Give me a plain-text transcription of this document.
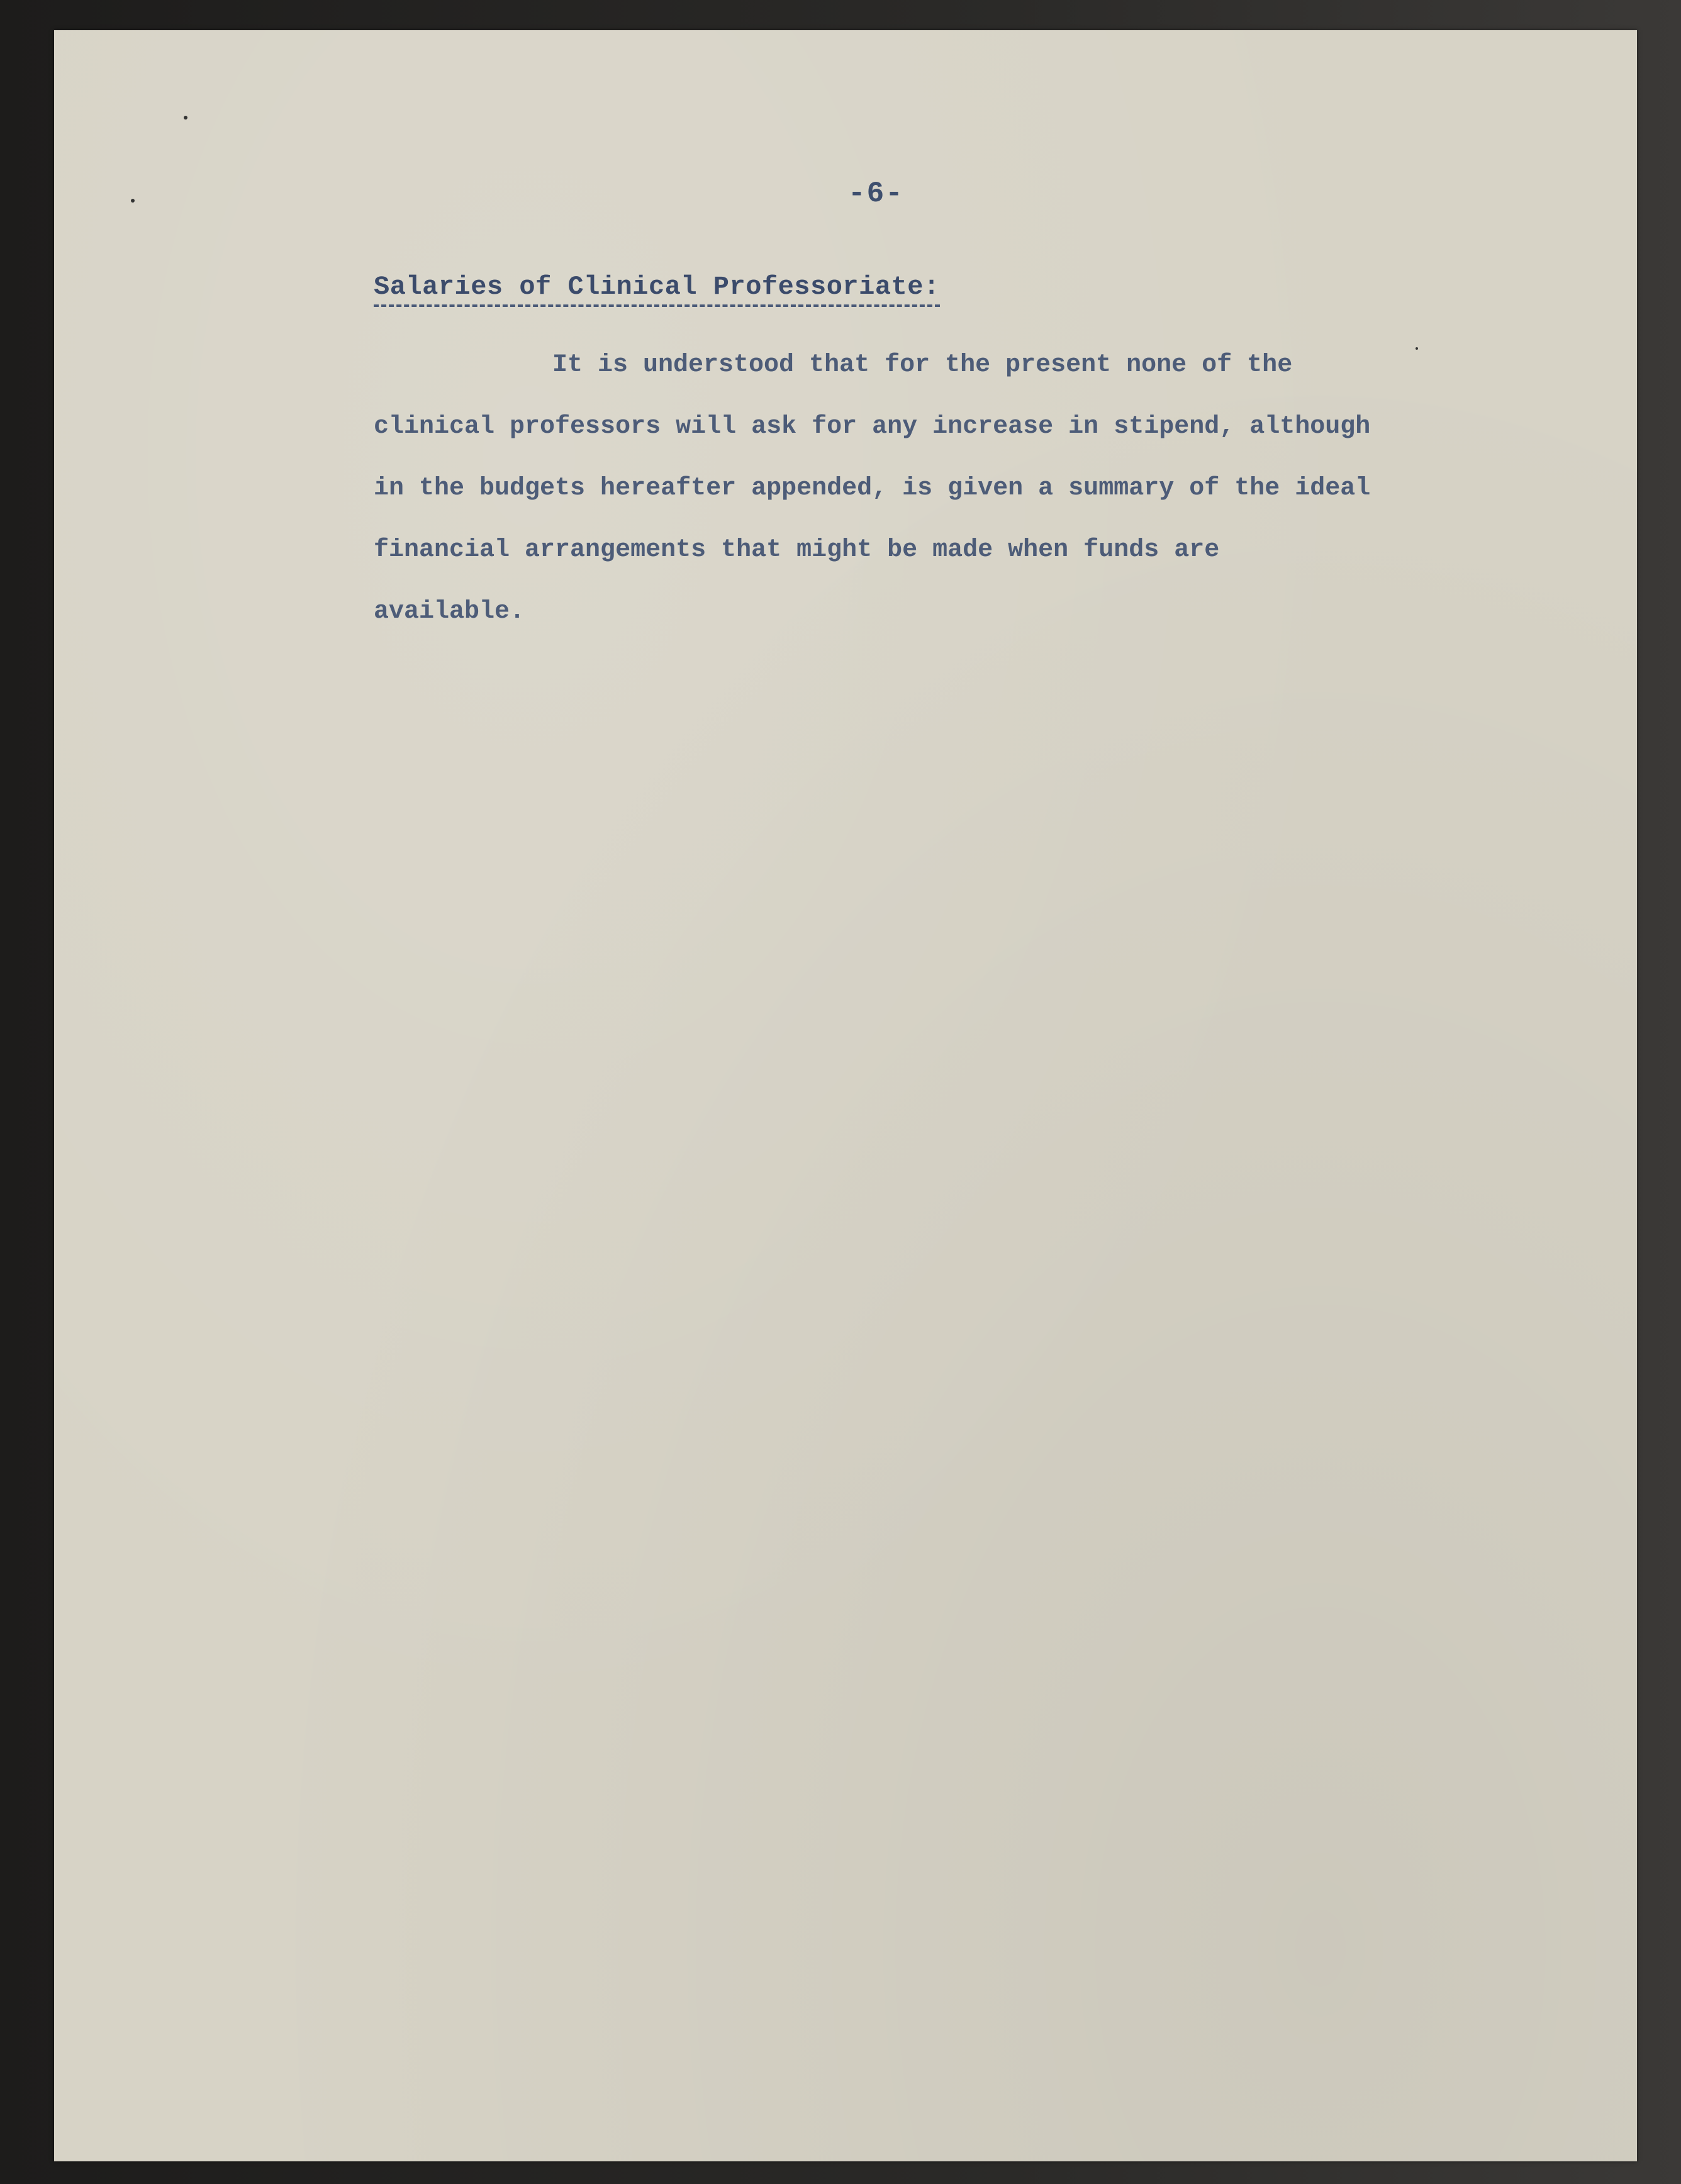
-6-
Salaries of Clinical Professoriate:
It is understood that for the present none of the
clinical professors will ask for any increase in stipend, although
in the budgets hereafter appended, is given a summary of the ideal
financial arrangements that might be made when funds are
available.
